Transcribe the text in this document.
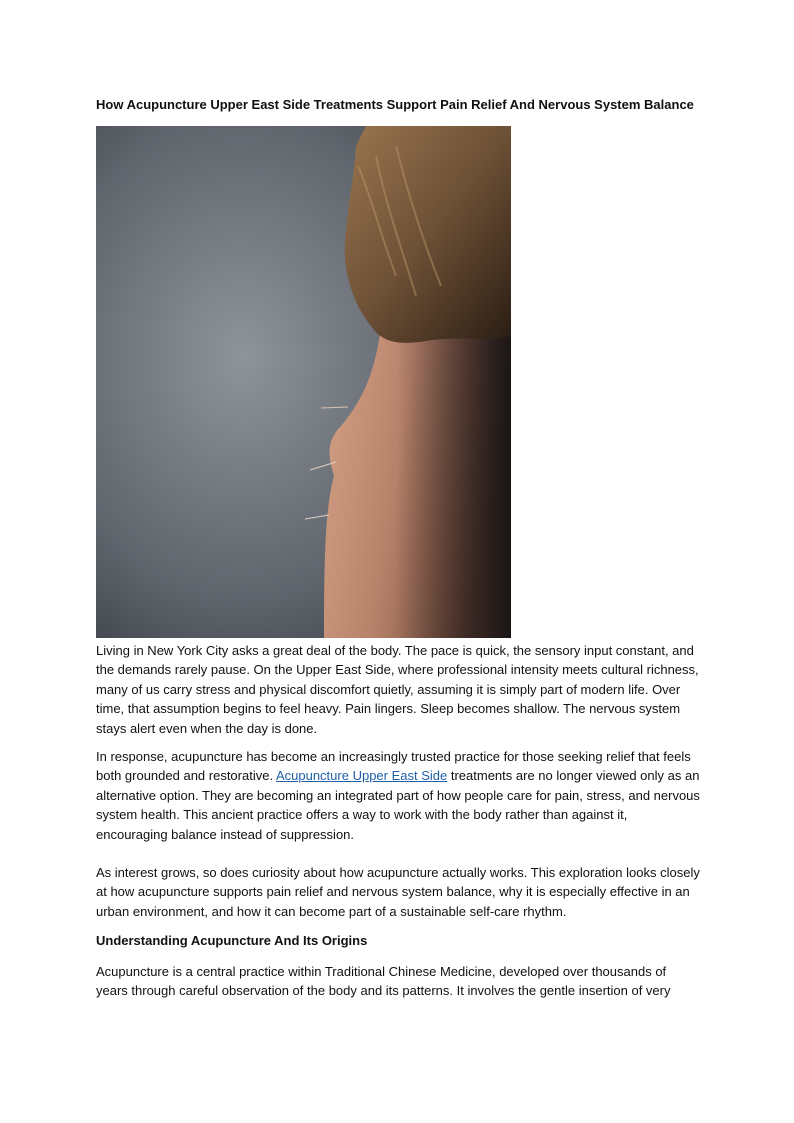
How Acupuncture Upper East Side Treatments Support Pain Relief And Nervous System Balance

Living in New York City asks a great deal of the body. The pace is quick, the sensory input constant, and the demands rarely pause. On the Upper East Side, where professional intensity meets cultural richness, many of us carry stress and physical discomfort quietly, assuming it is simply part of modern life. Over time, that assumption begins to feel heavy. Pain lingers. Sleep becomes shallow. The nervous system stays alert even when the day is done.

In response, acupuncture has become an increasingly trusted practice for those seeking relief that feels both grounded and restorative. Acupuncture Upper East Side treatments are no longer viewed only as an alternative option. They are becoming an integrated part of how people care for pain, stress, and nervous system health. This ancient practice offers a way to work with the body rather than against it, encouraging balance instead of suppression.

As interest grows, so does curiosity about how acupuncture actually works. This exploration looks closely at how acupuncture supports pain relief and nervous system balance, why it is especially effective in an urban environment, and how it can become part of a sustainable self-care rhythm.

Understanding Acupuncture And Its Origins

Acupuncture is a central practice within Traditional Chinese Medicine, developed over thousands of years through careful observation of the body and its patterns. It involves the gentle insertion of very
